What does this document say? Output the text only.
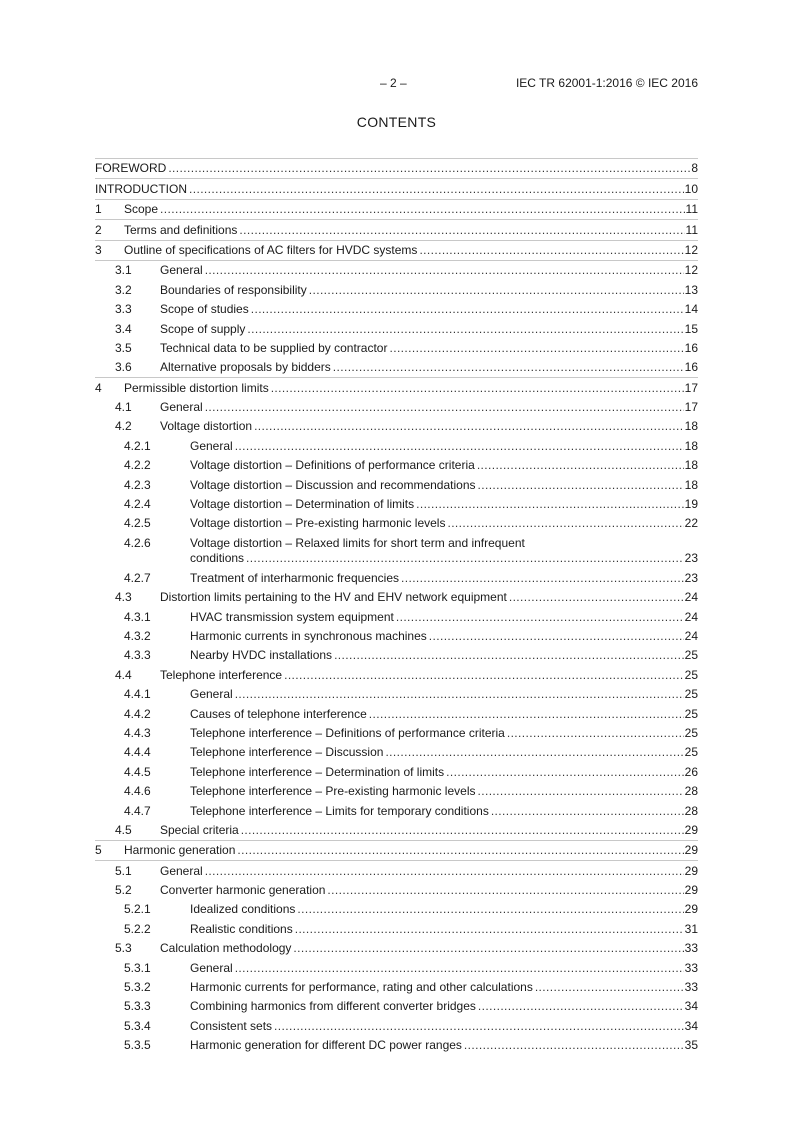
– 2 –	IEC TR 62001-1:2016 © IEC 2016
CONTENTS
FOREWORD .....	8
INTRODUCTION .....	10
1 Scope .....	11
2 Terms and definitions .....	11
3 Outline of specifications of AC filters for HVDC systems .....	12
3.1 General .....	12
3.2 Boundaries of responsibility .....	13
3.3 Scope of studies .....	14
3.4 Scope of supply .....	15
3.5 Technical data to be supplied by contractor .....	16
3.6 Alternative proposals by bidders .....	16
4 Permissible distortion limits .....	17
4.1 General .....	17
4.2 Voltage distortion .....	18
4.2.1	General .....	18
4.2.2	Voltage distortion – Definitions of performance criteria .....	18
4.2.3	Voltage distortion – Discussion and recommendations .....	18
4.2.4	Voltage distortion – Determination of limits .....	19
4.2.5	Voltage distortion – Pre-existing harmonic levels .....	22
4.2.6	Voltage distortion – Relaxed limits for short term and infrequent
conditions .....	23
4.2.7	Treatment of interharmonic frequencies .....	23
4.3 Distortion limits pertaining to the HV and EHV network equipment .....	24
4.3.1	HVAC transmission system equipment .....	24
4.3.2	Harmonic currents in synchronous machines .....	24
4.3.3	Nearby HVDC installations .....	25
4.4 Telephone interference .....	25
4.4.1	General .....	25
4.4.2	Causes of telephone interference .....	25
4.4.3	Telephone interference – Definitions of performance criteria .....	25
4.4.4	Telephone interference – Discussion .....	25
4.4.5	Telephone interference – Determination of limits .....	26
4.4.6	Telephone interference – Pre-existing harmonic levels .....	28
4.4.7	Telephone interference – Limits for temporary conditions .....	28
4.5 Special criteria .....	29
5 Harmonic generation .....	29
5.1 General .....	29
5.2 Converter harmonic generation .....	29
5.2.1	Idealized conditions .....	29
5.2.2	Realistic conditions .....	31
5.3 Calculation methodology .....	33
5.3.1	General .....	33
5.3.2	Harmonic currents for performance, rating and other calculations .....	33
5.3.3	Combining harmonics from different converter bridges .....	34
5.3.4	Consistent sets .....	34
5.3.5	Harmonic generation for different DC power ranges .....	35
